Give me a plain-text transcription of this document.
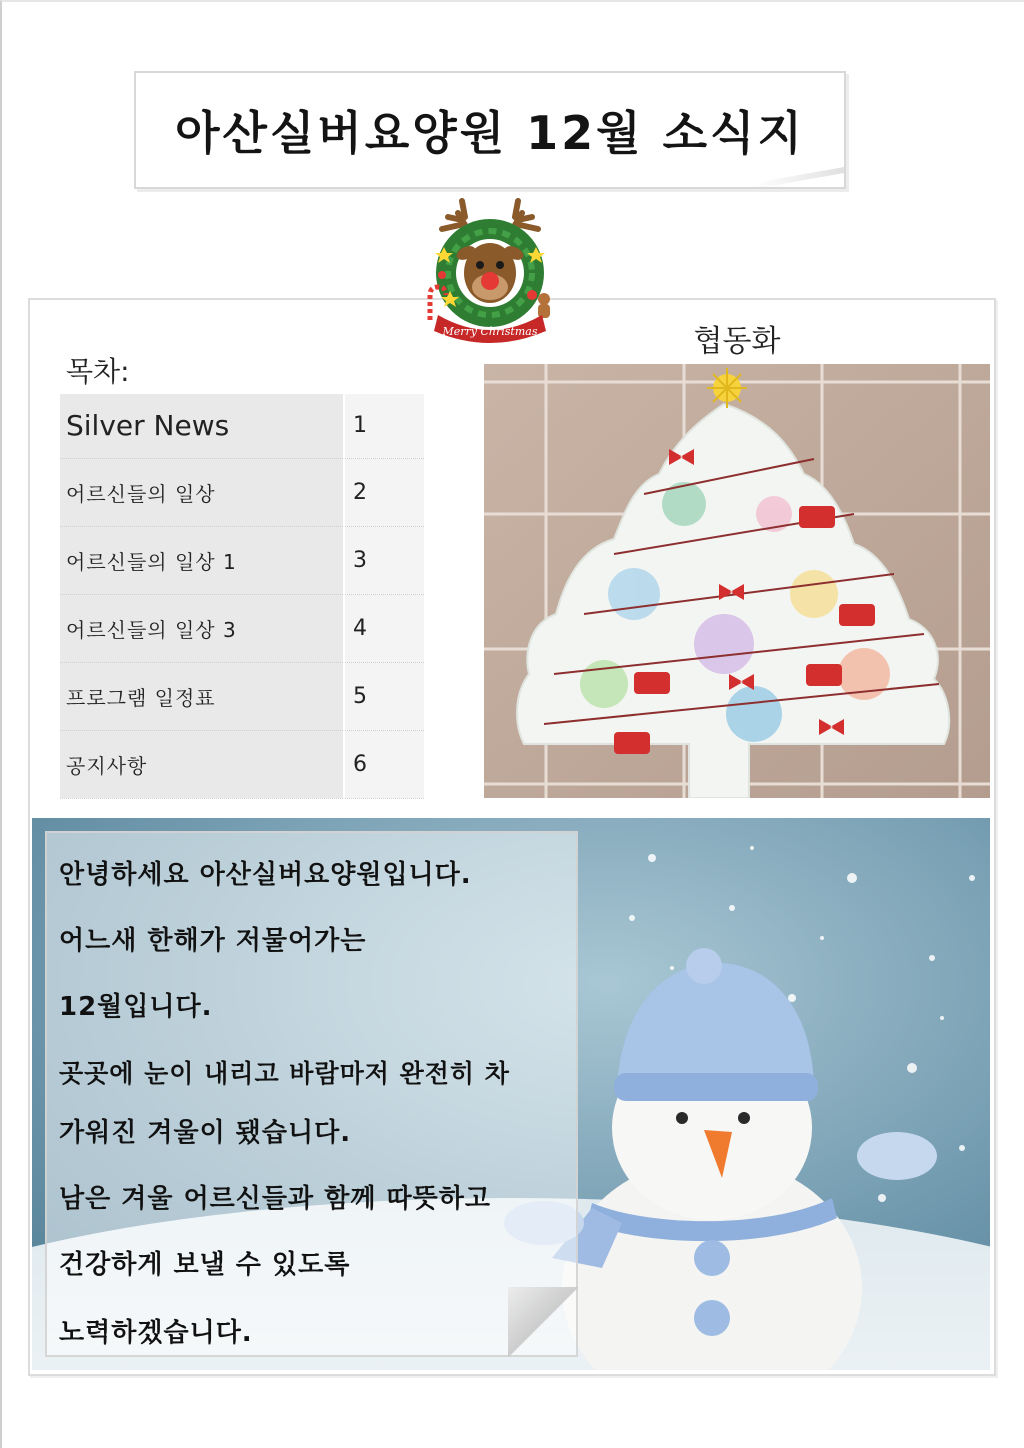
아산실버요양원 12월 소식지
Merry Christmas
목차:
Silver News	1
어르신들의 일상	2
어르신들의 일상 1	3
어르신들의 일상 3	4
프로그램 일정표	5
공지사항	6
협동화
안녕하세요 아산실버요양원입니다.
어느새 한해가 저물어가는
12월입니다.
곳곳에 눈이 내리고 바람마저 완전히 차
가워진 겨울이 됐습니다.
남은 겨울 어르신들과 함께 따뜻하고
건강하게 보낼 수 있도록
노력하겠습니다.
